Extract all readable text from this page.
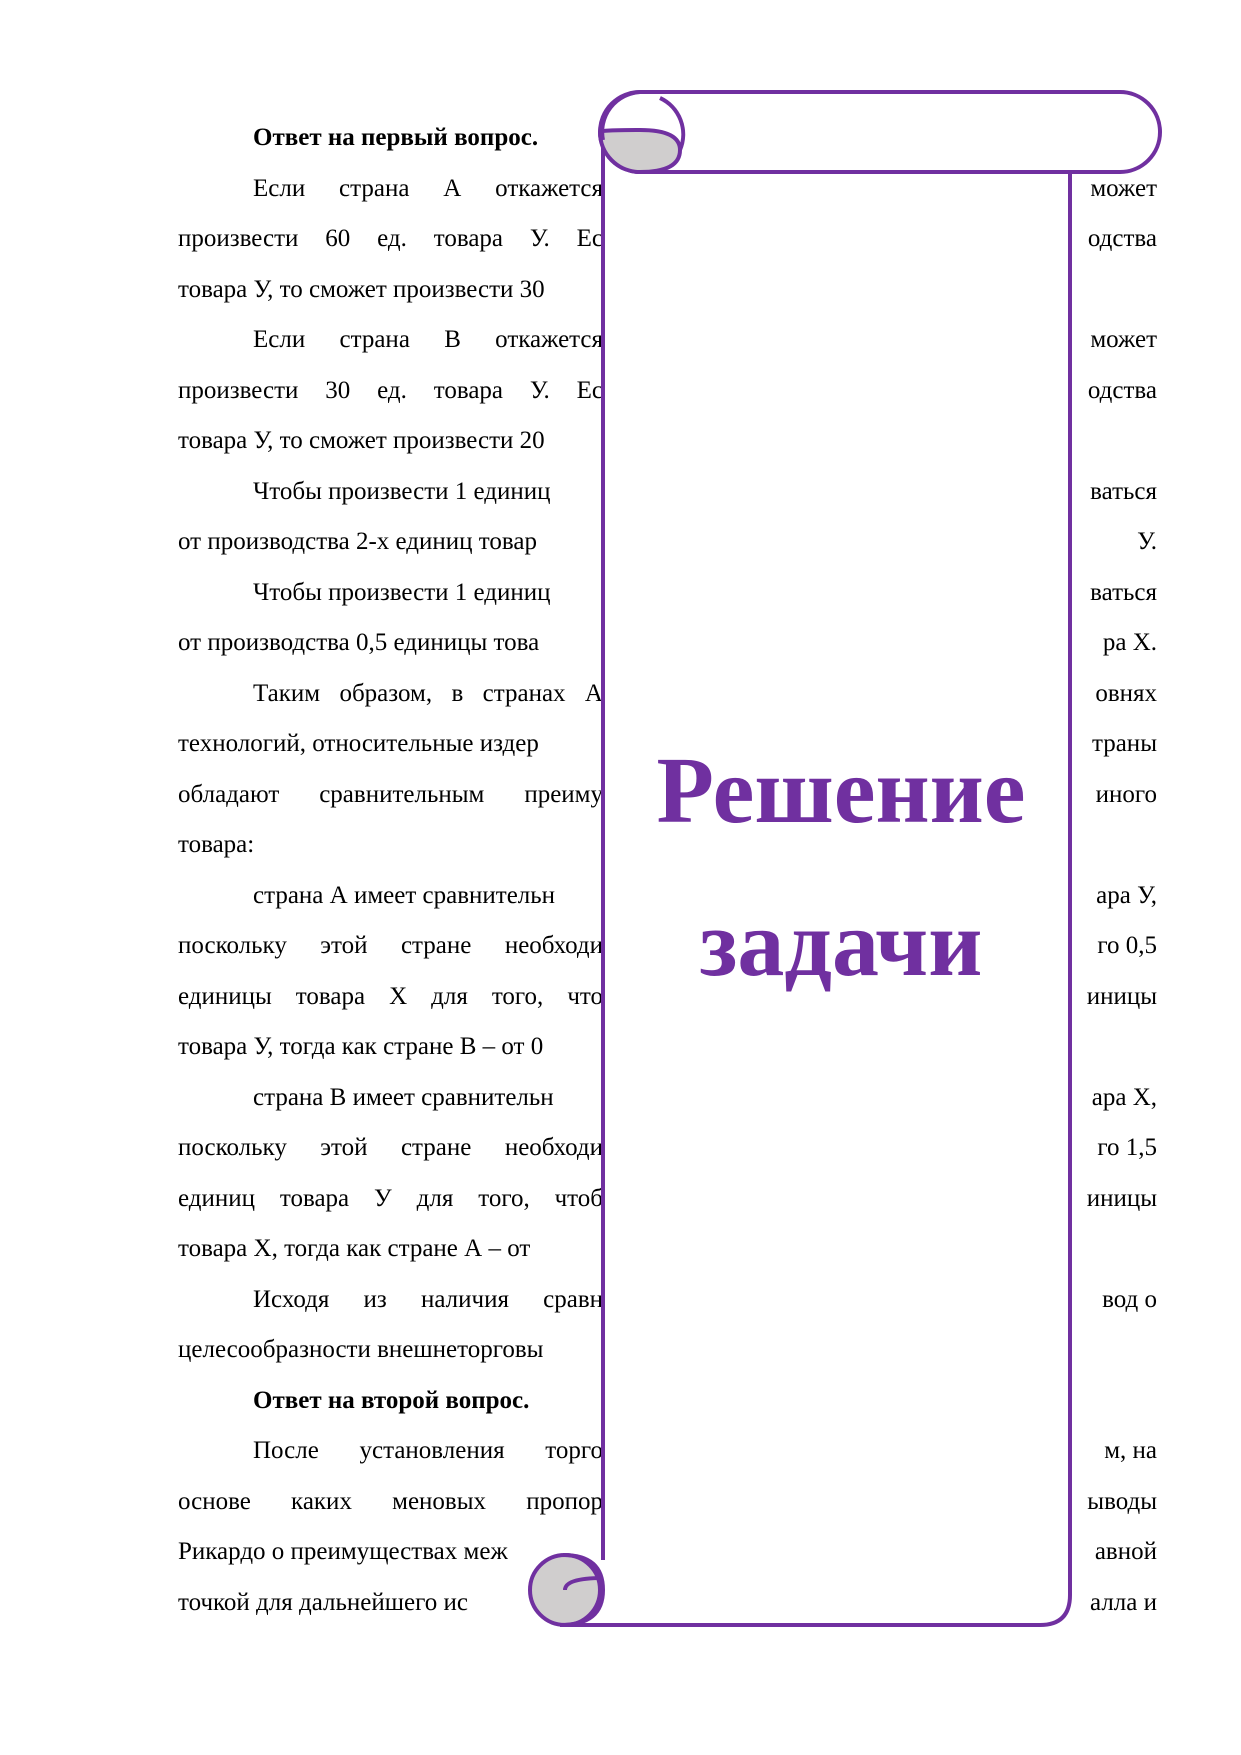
Ответ на первый вопрос.

Если страна А откажется

произвести 60 ед. товара У. Ес

товара У, то сможет произвести 30

Если страна В откажется

произвести 30 ед. товара У. Ес

товара У, то сможет произвести 20

Чтобы произвести 1 единиц

от производства 2-х единиц товар

Чтобы произвести 1 единиц

от производства 0,5 единицы това

Таким образом, в странах А

технологий, относительные издер

обладают сравнительным преиму

товара:

страна А имеет сравнительн

поскольку этой стране необходи

единицы товара Х для того, что

товара У, тогда как стране В – от 0

страна В имеет сравнительн

поскольку этой стране необходи

единиц товара У для того, чтоб

товара Х, тогда как стране А – от

Исходя из наличия сравн

целесообразности внешнеторговы

Ответ на второй вопрос.

После установления торго

основе каких меновых пропор

Рикардо о преимуществах меж

точкой для дальнейшего ис

может

одства

может

одства

ваться

У.

ваться

ра Х.

овнях

траны

иного

ара У,

го 0,5

иницы

ара Х,

го 1,5

иницы

вод о

м, на

ыводы

авной

алла и

Решение
задачи
